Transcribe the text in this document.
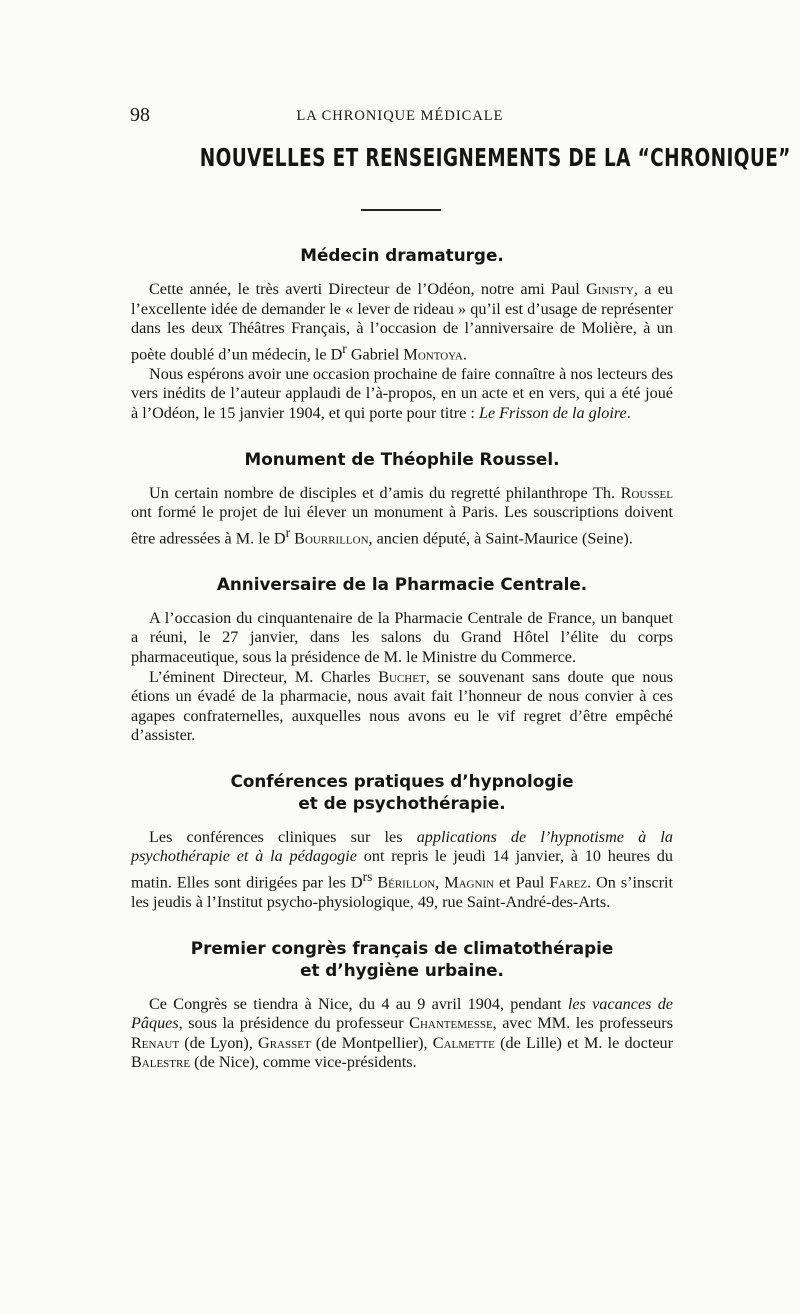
98	LA CHRONIQUE MÉDICALE
NOUVELLES ET RENSEIGNEMENTS DE LA “CHRONIQUE”
Médecin dramaturge.

Cette année, le très averti Directeur de l’Odéon, notre ami Paul Ginisty, a eu l’excellente idée de demander le « lever de rideau » qu’il est d’usage de représenter dans les deux Théâtres Français, à l’occasion de l’anniversaire de Molière, à un poète doublé d’un médecin, le $D^r$ Gabriel Montoya.

Nous espérons avoir une occasion prochaine de faire connaître à nos lecteurs des vers inédits de l’auteur applaudi de l’à-propos, en un acte et en vers, qui a été joué à l’Odéon, le 15 janvier 1904, et qui porte pour titre : Le Frisson de la gloire.

Monument de Théophile Roussel.

Un certain nombre de disciples et d’amis du regretté philanthrope Th. Roussel ont formé le projet de lui élever un monument à Paris. Les souscriptions doivent être adressées à M. le $D^r$ Bourrillon, ancien député, à Saint-Maurice (Seine).

Anniversaire de la Pharmacie Centrale.

A l’occasion du cinquantenaire de la Pharmacie Centrale de France, un banquet a réuni, le 27 janvier, dans les salons du Grand Hôtel l’élite du corps pharmaceutique, sous la présidence de M. le Ministre du Commerce.

L’éminent Directeur, M. Charles Buchet, se souvenant sans doute que nous étions un évadé de la pharmacie, nous avait fait l’honneur de nous convier à ces agapes confraternelles, auxquelles nous avons eu le vif regret d’être empêché d’assister.

Conférences pratiques d’hypnologie
et de psychothérapie.

Les conférences cliniques sur les applications de l’hypnotisme à la psychothérapie et à la pédagogie ont repris le jeudi 14 janvier, à 10 heures du matin. Elles sont dirigées par les $D^{rs}$ Bérillon, Magnin et Paul Farez. On s’inscrit les jeudis à l’Institut psycho-physiologique, 49, rue Saint-André-des-Arts.

Premier congrès français de climatothérapie
et d’hygiène urbaine.

Ce Congrès se tiendra à Nice, du 4 au 9 avril 1904, pendant les vacances de Pâques, sous la présidence du professeur Chantemesse, avec MM. les professeurs Renaut (de Lyon), Grasset (de Montpellier), Calmette (de Lille) et M. le docteur Balestre (de Nice), comme vice-présidents.
